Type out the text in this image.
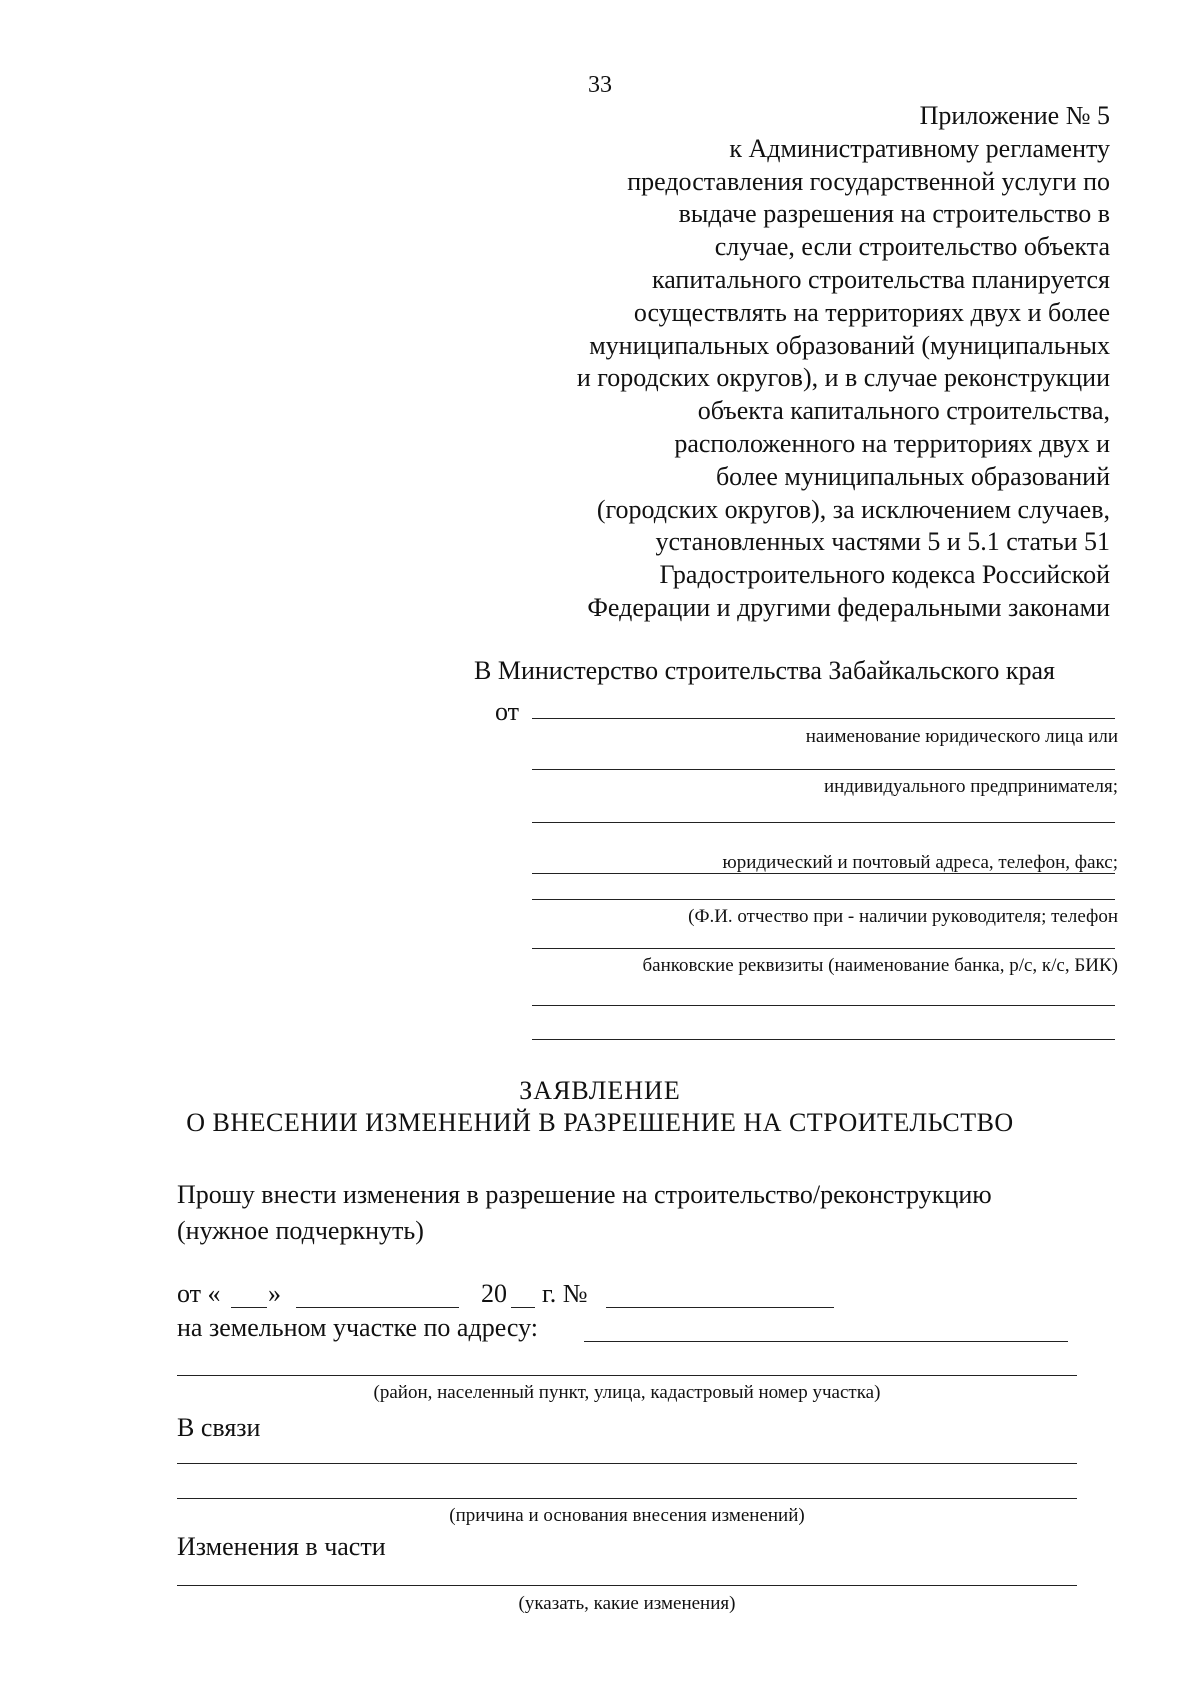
33
Приложение № 5
к Административному регламенту
предоставления государственной услуги по
выдаче разрешения на строительство в
случае, если строительство объекта
капитального строительства планируется
осуществлять на территориях двух и более
муниципальных образований (муниципальных
и городских округов), и в случае реконструкции
объекта капитального строительства,
расположенного на территориях двух и
более муниципальных образований
(городских округов), за исключением случаев,
установленных частями 5 и 5.1 статьи 51
Градостроительного кодекса Российской
Федерации и другими федеральными законами
В Министерство строительства Забайкальского края
от
наименование юридического лица или
индивидуального предпринимателя;
юридический и почтовый адреса, телефон, факс;
(Ф.И. отчество при - наличии руководителя; телефон
банковские реквизиты (наименование банка, р/с, к/с, БИК)
ЗАЯВЛЕНИЕ
О ВНЕСЕНИИ ИЗМЕНЕНИЙ В РАЗРЕШЕНИЕ НА СТРОИТЕЛЬСТВО
Прошу внести изменения в разрешение на строительство/реконструкцию
(нужное подчеркнуть)
от « »	20 г. №
на земельном участке по адресу:
(район, населенный пункт, улица, кадастровый номер участка)
В связи
(причина и основания внесения изменений)
Изменения в части
(указать, какие изменения)
